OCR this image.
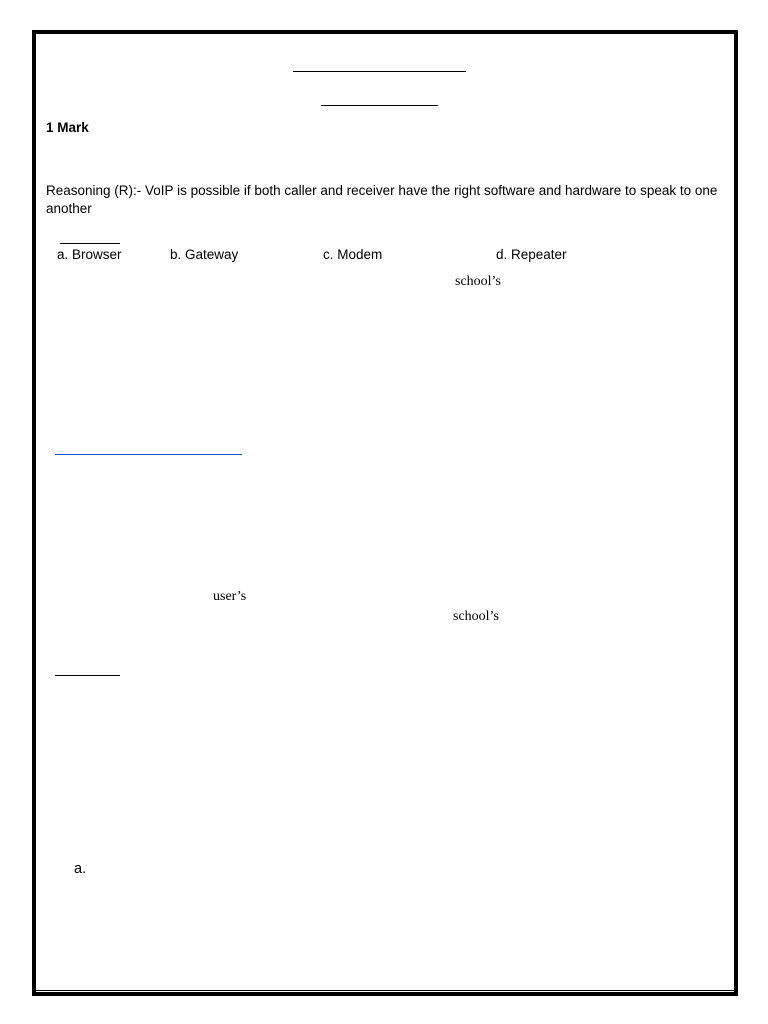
1 Mark
Reasoning (R):- VoIP is possible if both caller and receiver have the right software and hardware to speak to one another
a. Browser	b. Gateway	c. Modem	d. Repeater
school’s
user’s
school’s
a.
